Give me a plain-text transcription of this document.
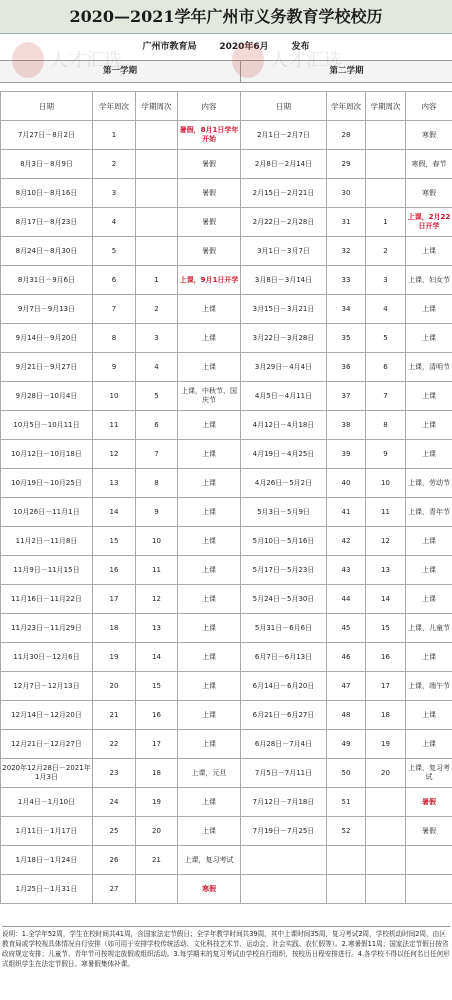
2020—2021学年广州市义务教育学校校历
广州市教育局	2020年6月	发布
第一学期	第二学期
日期	学年周次	学期周次	内容	日期	学年周次	学期周次	内容
7月27日－8月2日	1		暑假，8月1日学年开始	2月1日－2月7日	28		寒假
8月3日－8月9日	2		暑假	2月8日－2月14日	29		寒假，春节
8月10日－8月16日	3		暑假	2月15日－2月21日	30		寒假
8月17日－8月23日	4		暑假	2月22日－2月28日	31	1	上课，2月22日开学
8月24日－8月30日	5		暑假	3月1日－3月7日	32	2	上课
8月31日－9月6日	6	1	上课，9月1日开学	3月8日－3月14日	33	3	上课，妇女节
9月7日－9月13日	7	2	上课	3月15日－3月21日	34	4	上课
9月14日－9月20日	8	3	上课	3月22日－3月28日	35	5	上课
9月21日－9月27日	9	4	上课	3月29日－4月4日	36	6	上课，清明节
9月28日－10月4日	10	5	上课，中秋节、国庆节	4月5日－4月11日	37	7	上课
10月5日－10月11日	11	6	上课	4月12日－4月18日	38	8	上课
10月12日－10月18日	12	7	上课	4月19日－4月25日	39	9	上课
10月19日－10月25日	13	8	上课	4月26日－5月2日	40	10	上课，劳动节
10月26日－11月1日	14	9	上课	5月3日－5月9日	41	11	上课，青年节
11月2日－11月8日	15	10	上课	5月10日－5月16日	42	12	上课
11月9日－11月15日	16	11	上课	5月17日－5月23日	43	13	上课
11月16日－11月22日	17	12	上课	5月24日－5月30日	44	14	上课
11月23日－11月29日	18	13	上课	5月31日－6月6日	45	15	上课，儿童节
11月30日－12月6日	19	14	上课	6月7日－6月13日	46	16	上课
12月7日－12月13日	20	15	上课	6月14日－6月20日	47	17	上课，端午节
12月14日－12月20日	21	16	上课	6月21日－6月27日	48	18	上课
12月21日－12月27日	22	17	上课	6月28日－7月4日	49	19	上课
2020年12月28日－2021年1月3日	23	18	上课，元旦	7月5日－7月11日	50	20	上课，复习考试
1月4日－1月10日	24	19	上课	7月12日－7月18日	51		暑假
1月11日－1月17日	25	20	上课	7月19日－7月25日	52		暑假
1月18日－1月24日	26	21	上课，复习考试				
1月25日－1月31日	27		寒假				
说明：1.全学年52周，学生在校时间共41周，含国家法定节假日；全学年教学时间共39周，其中上课时间35周，复习考试2周，学校机动时间2周，由区教育局或学校视具体情况自行安排（如可用于安排学校传统活动、文化科技艺术节、运动会、社会实践、农忙假等）。2.寒暑假11周；国家法定节假日按省政府规定安排；儿童节、青年节可按规定放假或组织活动。3.每学期末的复习考试由学校自行组织，按校历日程安排进行。4.各学校不得以任何名目任何形式组织学生在法定节假日、寒暑假集体补课。
